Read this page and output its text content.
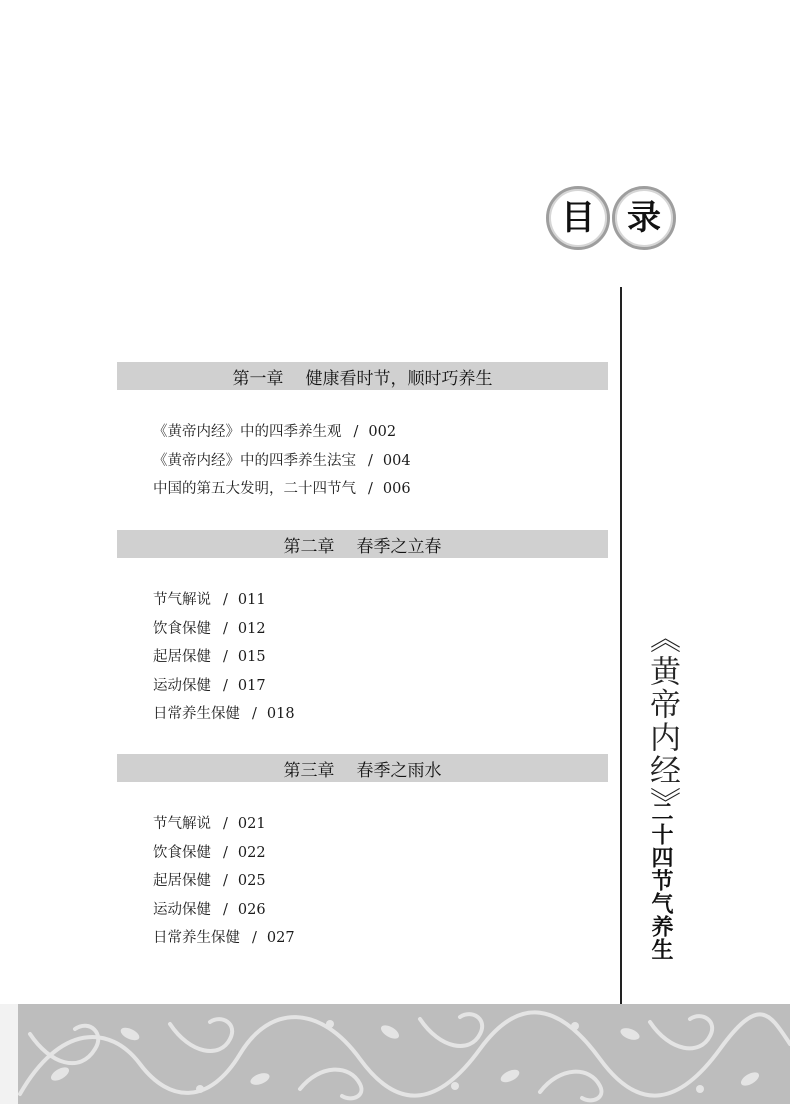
目 录
《黄帝内经》
二十四节气养生
第一章 健康看时节，顺时巧养生
《黄帝内经》中的四季养生观 / 002
《黄帝内经》中的四季养生法宝 / 004
中国的第五大发明，二十四节气 / 006
第二章 春季之立春
节气解说 / 011
饮食保健 / 012
起居保健 / 015
运动保健 / 017
日常养生保健 / 018
第三章 春季之雨水
节气解说 / 021
饮食保健 / 022
起居保健 / 025
运动保健 / 026
日常养生保健 / 027
